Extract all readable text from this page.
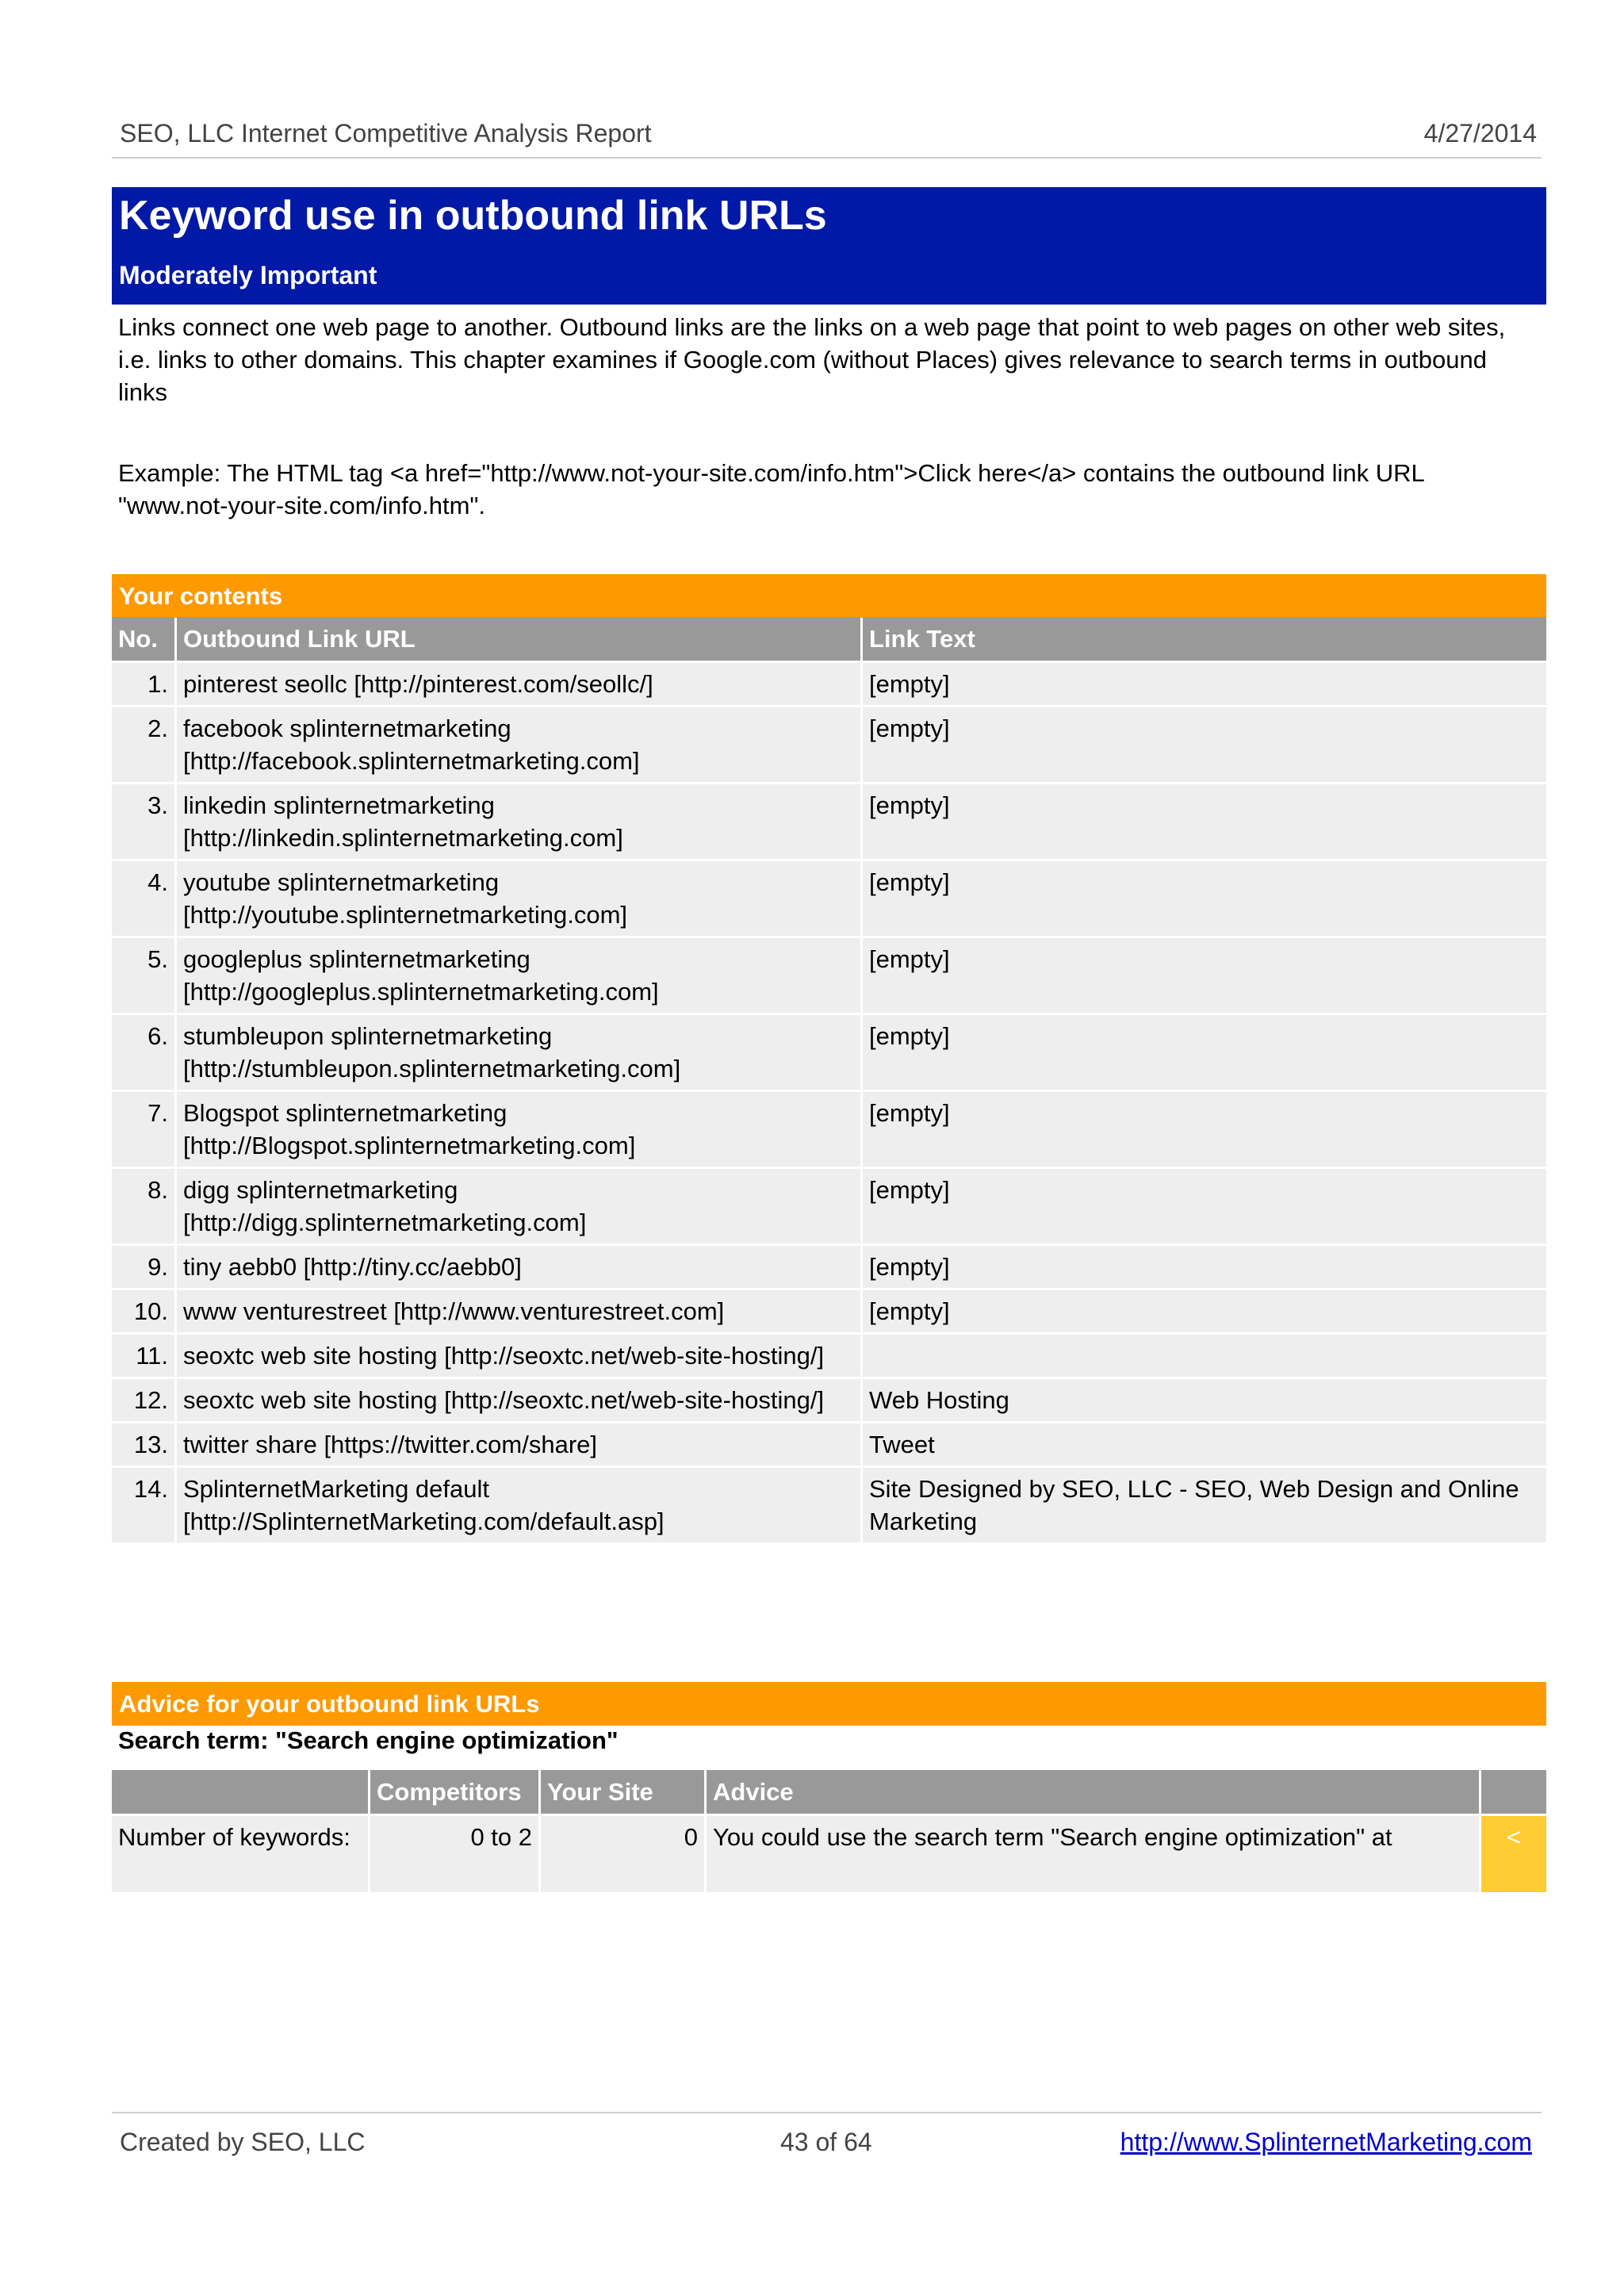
SEO, LLC Internet Competitive Analysis Report	4/27/2014
Keyword use in outbound link URLs
Moderately Important

Links connect one web page to another. Outbound links are the links on a web page that point to web pages on other web sites, i.e. links to other domains. This chapter examines if Google.com (without Places) gives relevance to search terms in outbound links

Example: The HTML tag <a href="http://www.not-your-site.com/info.htm">Click here</a> contains the outbound link URL "www.not-your-site.com/info.htm".

Your contents
No.	Outbound Link URL	Link Text
1.	pinterest seollc [http://pinterest.com/seollc/]	[empty]
2.	facebook splinternetmarketing [http://facebook.splinternetmarketing.com]	[empty]
3.	linkedin splinternetmarketing [http://linkedin.splinternetmarketing.com]	[empty]
4.	youtube splinternetmarketing [http://youtube.splinternetmarketing.com]	[empty]
5.	googleplus splinternetmarketing [http://googleplus.splinternetmarketing.com]	[empty]
6.	stumbleupon splinternetmarketing [http://stumbleupon.splinternetmarketing.com]	[empty]
7.	Blogspot splinternetmarketing [http://Blogspot.splinternetmarketing.com]	[empty]
8.	digg splinternetmarketing [http://digg.splinternetmarketing.com]	[empty]
9.	tiny aebb0 [http://tiny.cc/aebb0]	[empty]
10.	www venturestreet [http://www.venturestreet.com]	[empty]
11.	seoxtc web site hosting [http://seoxtc.net/web-site-hosting/]	
12.	seoxtc web site hosting [http://seoxtc.net/web-site-hosting/]	Web Hosting
13.	twitter share [https://twitter.com/share]	Tweet
14.	SplinternetMarketing default [http://SplinternetMarketing.com/default.asp]	Site Designed by SEO, LLC - SEO, Web Design and Online Marketing
Advice for your outbound link URLs
Search term: "Search engine optimization"
	Competitors	Your Site	Advice	
Number of keywords:	0 to 2	0	You could use the search term "Search engine optimization" at	<
Created by SEO, LLC	43 of 64	http://www.SplinternetMarketing.com
